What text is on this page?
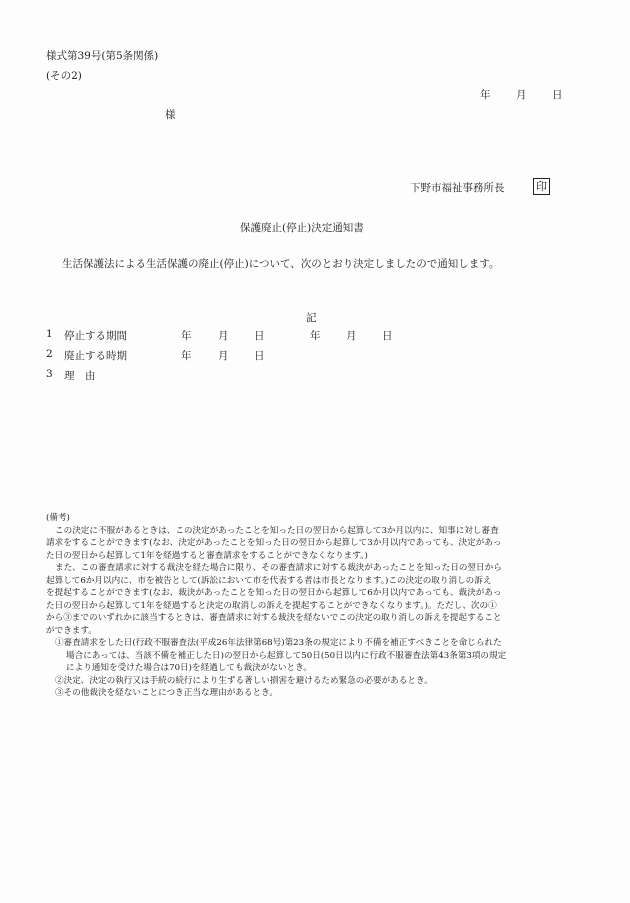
様式第39号(第5条関係)
(その2)
年 月 日
様
下野市福祉事務所長	印
保護廃止(停止)決定通知書
生活保護法による生活保護の廃止(停止)について、次のとおり決定しましたので通知します。
記
1 停止する期間	年	月 日	年 月 日
2 廃止する時期	年	月 日
3 理　由
(備考)
この決定に不服があるときは、この決定があったことを知った日の翌日から起算して3か月以内に、知事に対し審査
請求をすることができます(なお、決定があったことを知った日の翌日から起算して3か月以内であっても、決定があっ
た日の翌日から起算して1年を経過すると審査請求をすることができなくなります。)
また、この審査請求に対する裁決を経た場合に限り、その審査請求に対する裁決があったことを知った日の翌日から
起算して6か月以内に、市を被告として(訴訟において市を代表する者は市長となります。)この決定の取り消しの訴え
を提起することができます(なお、裁決があったことを知った日の翌日から起算して6か月以内であっても、裁決があっ
た日の翌日から起算して1年を経過すると決定の取消しの訴えを提起することができなくなります。)。ただし、次の①
から③までのいずれかに該当するときは、審査請求に対する裁決を経ないでこの決定の取り消しの訴えを提起すること
ができます。
①審査請求をした日(行政不服審査法(平成26年法律第68号)第23条の規定により不備を補正すべきことを命じられた
場合にあっては、当該不備を補正した日)の翌日から起算して50日(50日以内に行政不服審査法第43条第3項の規定
により通知を受けた場合は70日)を経過しても裁決がないとき。
②決定、決定の執行又は手続の続行により生ずる著しい損害を避けるため緊急の必要があるとき。
③その他裁決を経ないことにつき正当な理由があるとき。
